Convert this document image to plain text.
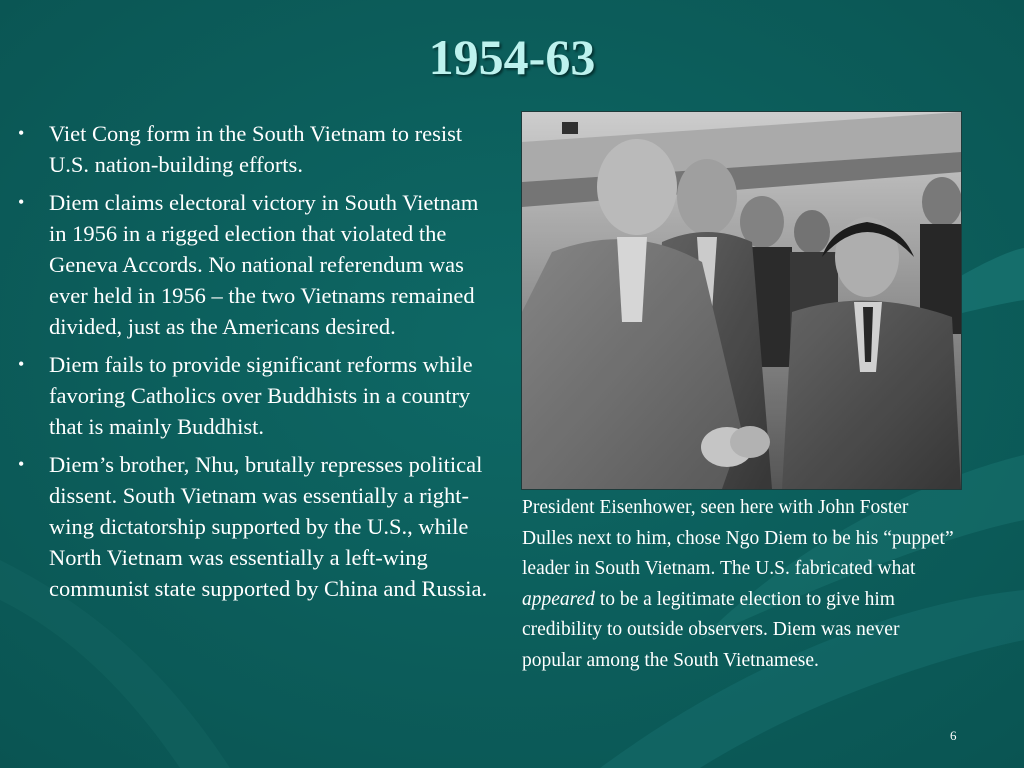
1954-63
• Viet Cong form in the South Vietnam to resist U.S. nation-building efforts.
• Diem claims electoral victory in South Vietnam in 1956 in a rigged election that violated the Geneva Accords. No national referendum was ever held in 1956 – the two Vietnams remained divided, just as the Americans desired.
• Diem fails to provide significant reforms while favoring Catholics over Buddhists in a country that is mainly Buddhist.
• Diem’s brother, Nhu, brutally represses political dissent. South Vietnam was essentially a right-wing dictatorship supported by the U.S., while North Vietnam was essentially a left-wing communist state supported by China and Russia.
President Eisenhower, seen here with John Foster Dulles next to him, chose Ngo Diem to be his “puppet” leader in South Vietnam. The U.S. fabricated what appeared to be a legitimate election to give him credibility to outside observers. Diem was never popular among the South Vietnamese.
6
